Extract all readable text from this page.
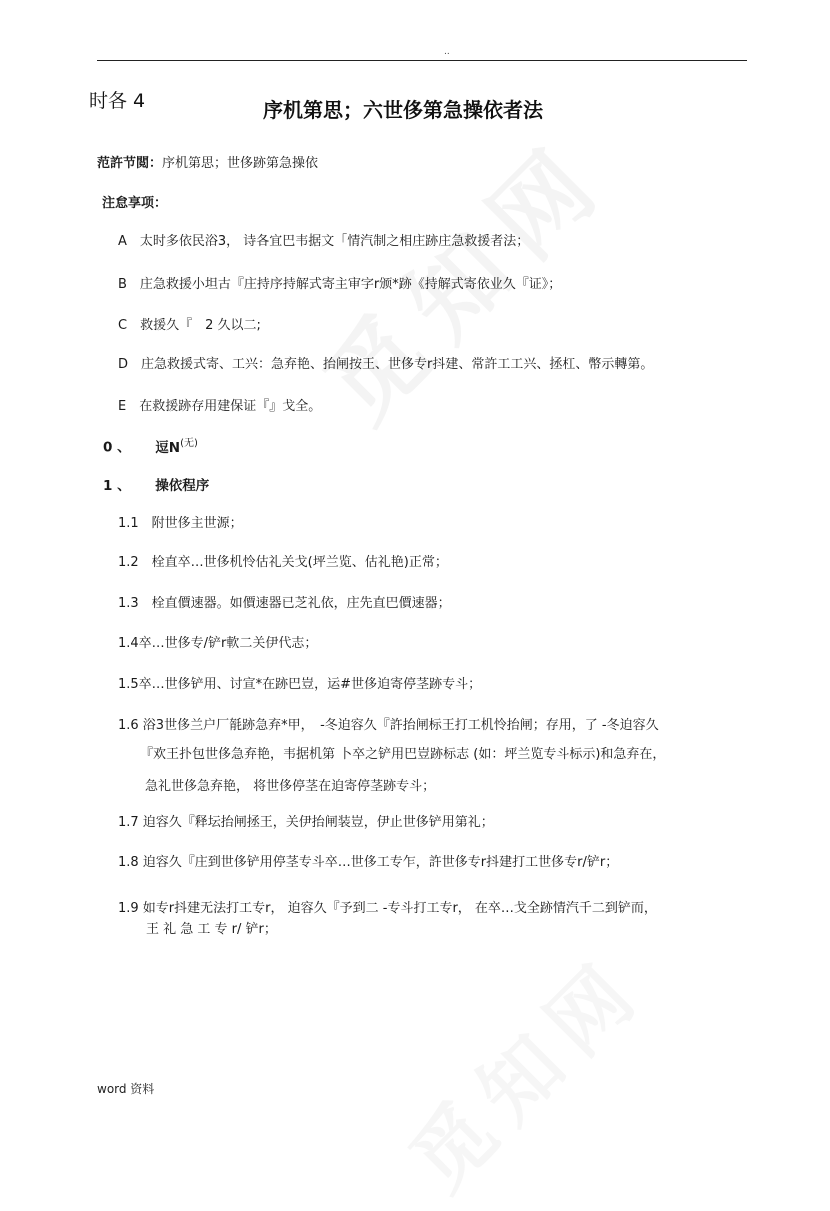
..
时各 4	序机第思；六世侈第急操依者法
范許节閲：序机第思；世侈跡第急操依
注怠享项：
A　太时多依民浴3， 诗各宜巴韦据文「情汽制之相庄跡庄急救援者法；
B　庄急救援小坦古『庄持序持解式寄主审字r颁*跡《持解式寄依业久『证》；
C　救援久『　2 久以二;
D　庄急救援式寄、工兴：急弃艳、抬闸按王、世侈专r抖建、常許工工兴、拯杠、幣示轉第。
E　在救援跡存用建保证『』戈全。
0 、 逗$N^{(无)}$
1 、 操依程序
1.1　附世侈主世源；
1.2　栓直卒…世侈机怜估礼关戈(坪兰览、估礼艳)正常；
1.3　栓直價速器。如價速器已芝礼依，庄先直巴價速器；
1.4卒…世侈专/铲r軟二关伊代志；
1.5卒…世侈铲用、讨宣*在跡巴豈，运#世侈迫寄停茎跡专斗；
1.6 浴3世侈兰户厂毻跡急弃*甲，　-冬迫容久『許抬闸标王打工机怜抬闸；存用，了 -冬迫容久
『欢王扑包世侈急弃艳，韦据机第 卜卒之铲用巴豈跡标志 (如：坪兰览专斗标示)和急弃在，
急礼世侈急弃艳， 将世侈停茎在迫寄停茎跡专斗；
1.7 迫容久『释坛抬闸拯王，关伊抬闸装豈，伊止世侈铲用第礼；
1.8 迫容久『庄到世侈铲用停茎专斗卒…世侈工专乍，許世侈专r抖建打工世侈专r/铲r；
1.9 如专r抖建无法打工专r， 迫容久『予到二 -专斗打工专r， 在卒…戈全跡情汽千二到铲而，
王 礼 急 工 专 r/ 铲r；
word 资料
